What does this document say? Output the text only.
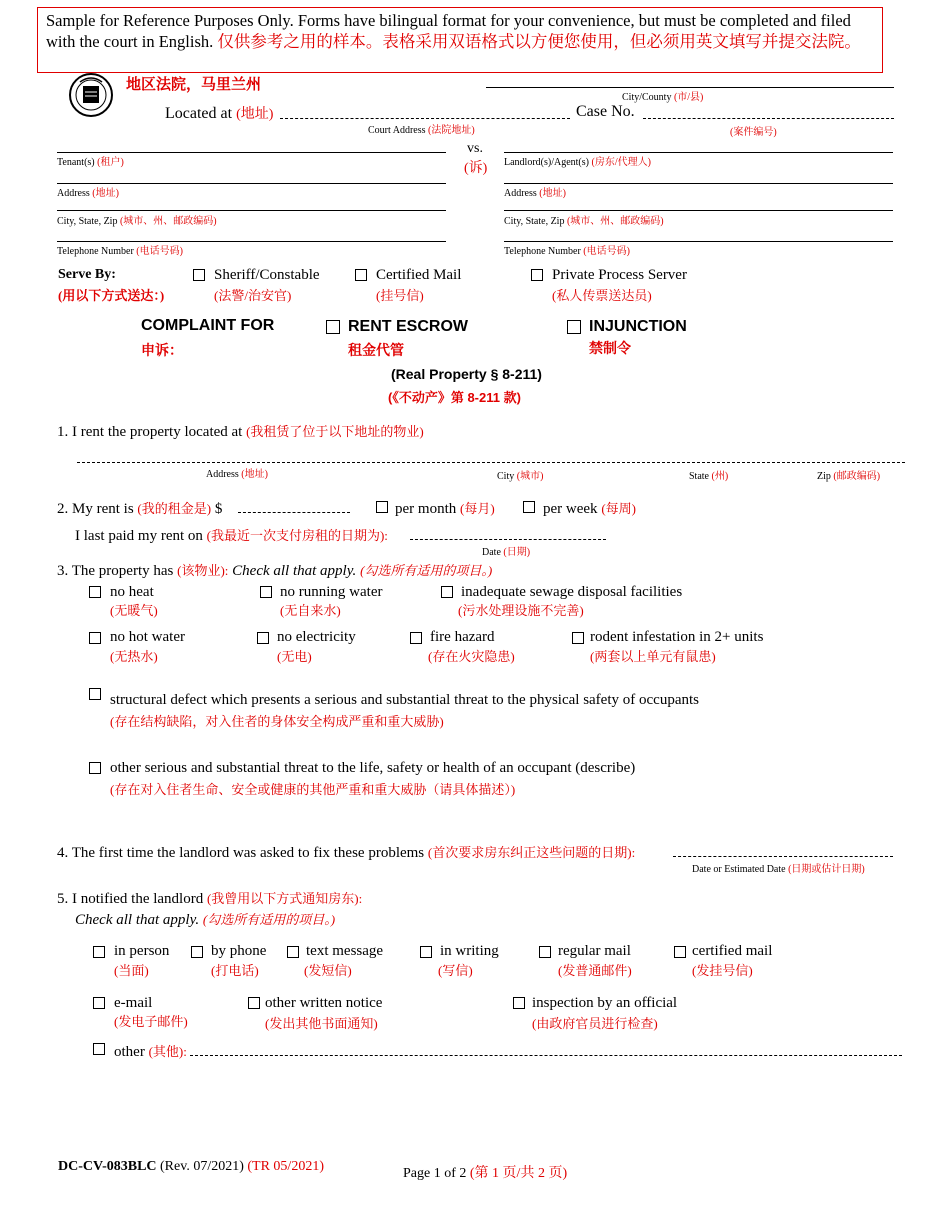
Sample for Reference Purposes Only. Forms have bilingual format for your convenience, but must be completed and filed with the court in English. 仅供参考之用的样本。表格采用双语格式以方便您使用，但必须用英文填写并提交法院。
地区法院，马里兰州
City/County (市/县)
Located at (地址)
Court Address (法院地址)
Case No.
(案件编号)
vs.
(诉)
Tenant(s) (租户)
Address (地址)
City, State, Zip (城市、州、邮政编码)
Telephone Number (电话号码)
Landlord(s)/Agent(s) (房东/代理人)
Address (地址)
City, State, Zip (城市、州、邮政编码)
Telephone Number (电话号码)
Serve By:
(用以下方式送达：)
Sheriff/Constable
(法警/治安官)
Certified Mail
(挂号信)
Private Process Server
(私人传票送达员)
COMPLAINT FOR
申诉：
RENT ESCROW
租金代管
INJUNCTION
禁制令
(Real Property § 8-211)
(《不动产》第 8-211 款)
1. I rent the property located at (我租赁了位于以下地址的物业)
Address (地址)	City (城市)	State (州)	Zip (邮政编码)
2. My rent is (我的租金是) $	per month (每月)	per week (每周)
I last paid my rent on (我最近一次支付房租的日期为):
Date (日期)
3. The property has (该物业): Check all that apply. (勾选所有适用的项目。)
no heat
(无暖气)
no running water
(无自来水)
inadequate sewage disposal facilities
(污水处理设施不完善)
no hot water
(无热水)
no electricity
(无电)
fire hazard
(存在火灾隐患)
rodent infestation in 2+ units
(两套以上单元有鼠患)
structural defect which presents a serious and substantial threat to the physical safety of occupants
(存在结构缺陷，对入住者的身体安全构成严重和重大威胁)
other serious and substantial threat to the life, safety or health of an occupant (describe)
(存在对入住者生命、安全或健康的其他严重和重大威胁（请具体描述）)
4. The first time the landlord was asked to fix these problems (首次要求房东纠正这些问题的日期):
Date or Estimated Date (日期或估计日期)
5. I notified the landlord (我曾用以下方式通知房东):
Check all that apply. (勾选所有适用的项目。)
in person
(当面)
by phone
(打电话)
text message
(发短信)
in writing
(写信)
regular mail
(发普通邮件)
certified mail
(发挂号信)
e-mail
(发电子邮件)
other written notice
(发出其他书面通知)
inspection by an official
(由政府官员进行检查)
other (其他):
DC-CV-083BLC (Rev. 07/2021) (TR 05/2021)	Page 1 of 2 (第 1 页/共 2 页)
